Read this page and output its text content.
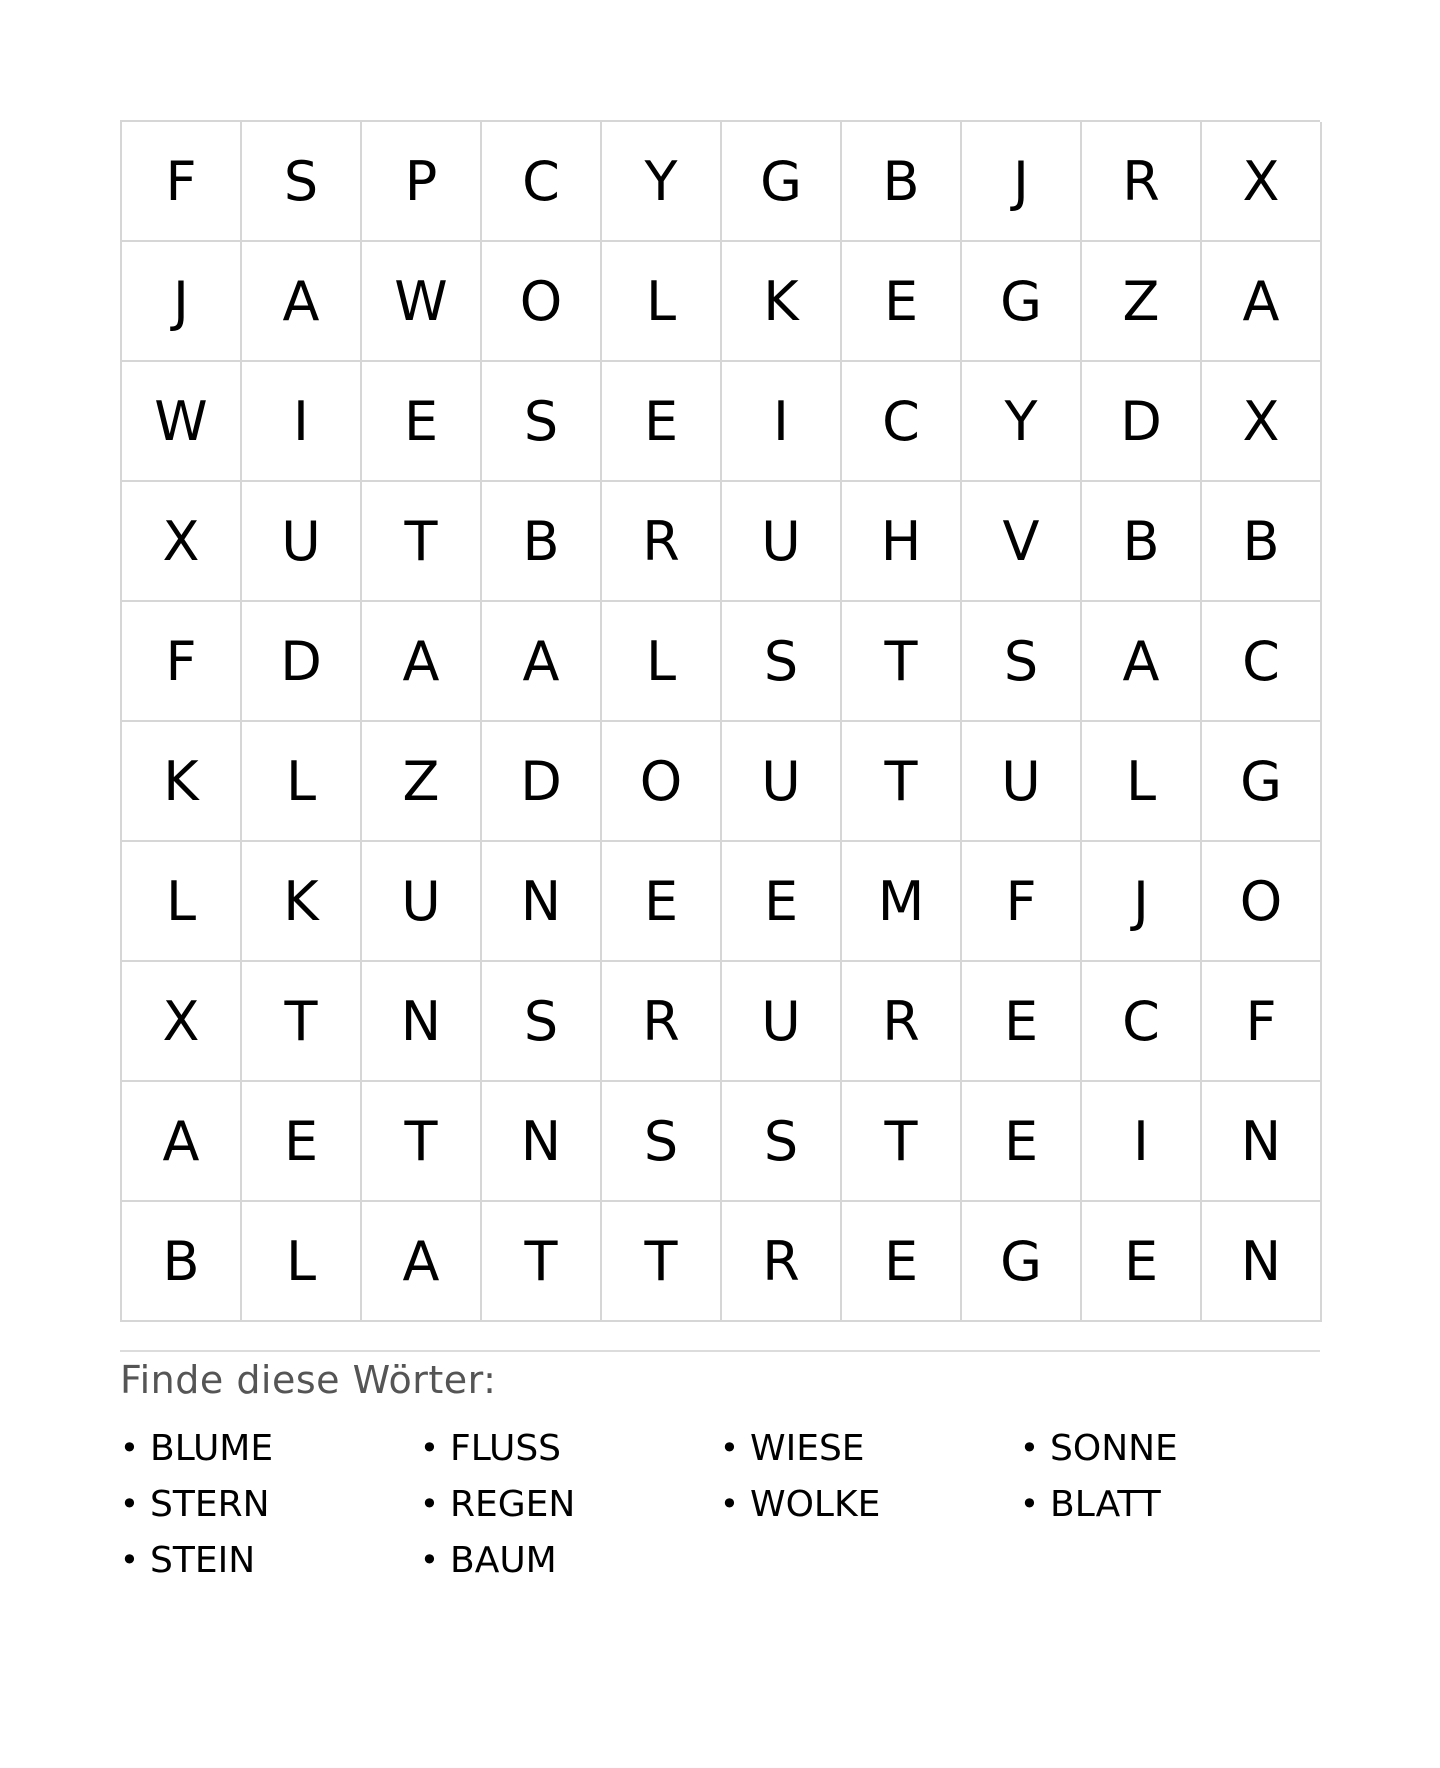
F	S	P	C	Y	G	B	J	R	X
J	A	W	O	L	K	E	G	Z	A
W	I	E	S	E	I	C	Y	D	X
X	U	T	B	R	U	H	V	B	B
F	D	A	A	L	S	T	S	A	C
K	L	Z	D	O	U	T	U	L	G
L	K	U	N	E	E	M	F	J	O
X	T	N	S	R	U	R	E	C	F
A	E	T	N	S	S	T	E	I	N
B	L	A	T	T	R	E	G	E	N
Finde diese Wörter:
• BLUME	• FLUSS	• WIESE	• SONNE
• STERN	• REGEN	• WOLKE	• BLATT
• STEIN	• BAUM
